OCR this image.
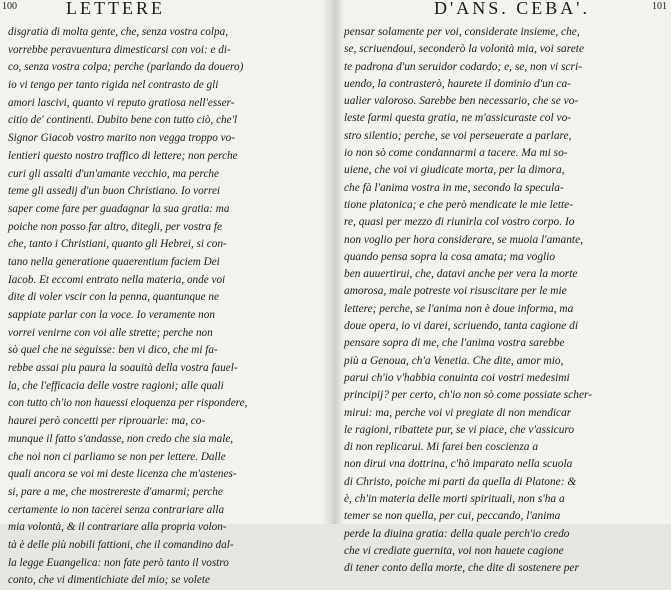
100	LETTERE
disgratia di molta gente, che, senza vostra colpa,
vorrebbe peravuentura dimesticarsi con voi: e di-
co, senza vostra colpa; perche (parlando da douero)
io vi tengo per tanto rigida nel contrasto de gli
amori lascivi, quanto vi reputo gratiosa nell'esser-
citio de' continenti. Dubito bene con tutto ciò, che'l
Signor Giacob vostro marito non vegga troppo vo-
lentieri questo nostro traffico di lettere; non perche
curi gli assalti d'un'amante vecchio, ma perche
teme gli assedij d'un buon Christiano. Io vorrei
saper come fare per guadagnar la sua gratia: ma
poiche non posso far altro, ditegli, per vostra fe
che, tanto i Christiani, quanto gli Hebrei, si con-
tano nella generatione quaerentium faciem Dei
Iacob. Et eccomi entrato nella materia, onde voi
dite di voler vscir con la penna, quantunque ne
sappiate parlar con la voce. Io veramente non
vorrei venirne con voi alle strette; perche non
sò quel che ne seguisse: ben vi dico, che mi fa-
rebbe assai piu paura la soauità della vostra fauel-
la, che l'efficacia delle vostre ragioni; alle quali
con tutto ch'io non hauessi eloquenza per rispondere,
haurei però concetti per riprouarle: ma, co-
munque il fatto s'andasse, non credo che sia male,
che noi non ci parliamo se non per lettere. Dalle
quali ancora se voi mi deste licenza che m'astenes-
si, pare a me, che mostrereste d'amarmi; perche
certamente io non tacerei senza contrariare alla
mia volontà, & il contrariare alla propria volon-
tà è delle più nobili fattioni, che il comandino dal-
la legge Euangelica: non fate però tanto il vostro
conto, che vi dimentichiate del mio; se volete
D'ANS. CEBA'.	101
pensar solamente per voi, considerate insieme, che,
se, scriuendoui, seconderò la volontà mia, voi sarete
te padrona d'un seruidor codardo; e, se, non vi scri-
uendo, la contrasterò, haurete il dominio d'un ca-
ualier valoroso. Sarebbe ben necessario, che se vo-
leste farmi questa gratia, ne m'assicuraste col vo-
stro silentio; perche, se voi perseuerate a parlare,
io non sò come condannarmi a tacere. Ma mi so-
uiene, che voi vi giudicate morta, per la dimora,
che fà l'anima vostra in me, secondo la specula-
tione platonica; e che però mendicate le mie lette-
re, quasi per mezzo di riunirla col vostro corpo. Io
non voglio per hora considerare, se muoia l'amante,
quando pensa sopra la cosa amata; ma voglio
ben auuertirui, che, datavi anche per vera la morte
amorosa, male potreste voi risuscitare per le mie
lettere; perche, se l'anima non è doue informa, ma
doue opera, io vi darei, scriuendo, tanta cagione di
pensare sopra di me, che l'anima vostra sarebbe
più a Genoua, ch'a Venetia. Che dite, amor mio,
parui ch'io v'habbia conuinta coi vostri medesimi
principij? per certo, ch'io non sò come possiate scher-
mirui: ma, perche voi vi pregiate di non mendicar
le ragioni, ribattete pur, se vi piace, che v'assicuro
di non replicarui. Mi farei ben coscienza a
non dirui vna dottrina, c'hò imparato nella scuola
di Christo, poiche mi parti da quella di Platone: &
è, ch'in materia delle morti spirituali, non s'ha a
temer se non quella, per cui, peccando, l'anima
perde la diuina gratia: della quale perch'io credo
che vi crediate guernita, voi non hauete cagione
di tener conto della morte, che dite di sostenere per
